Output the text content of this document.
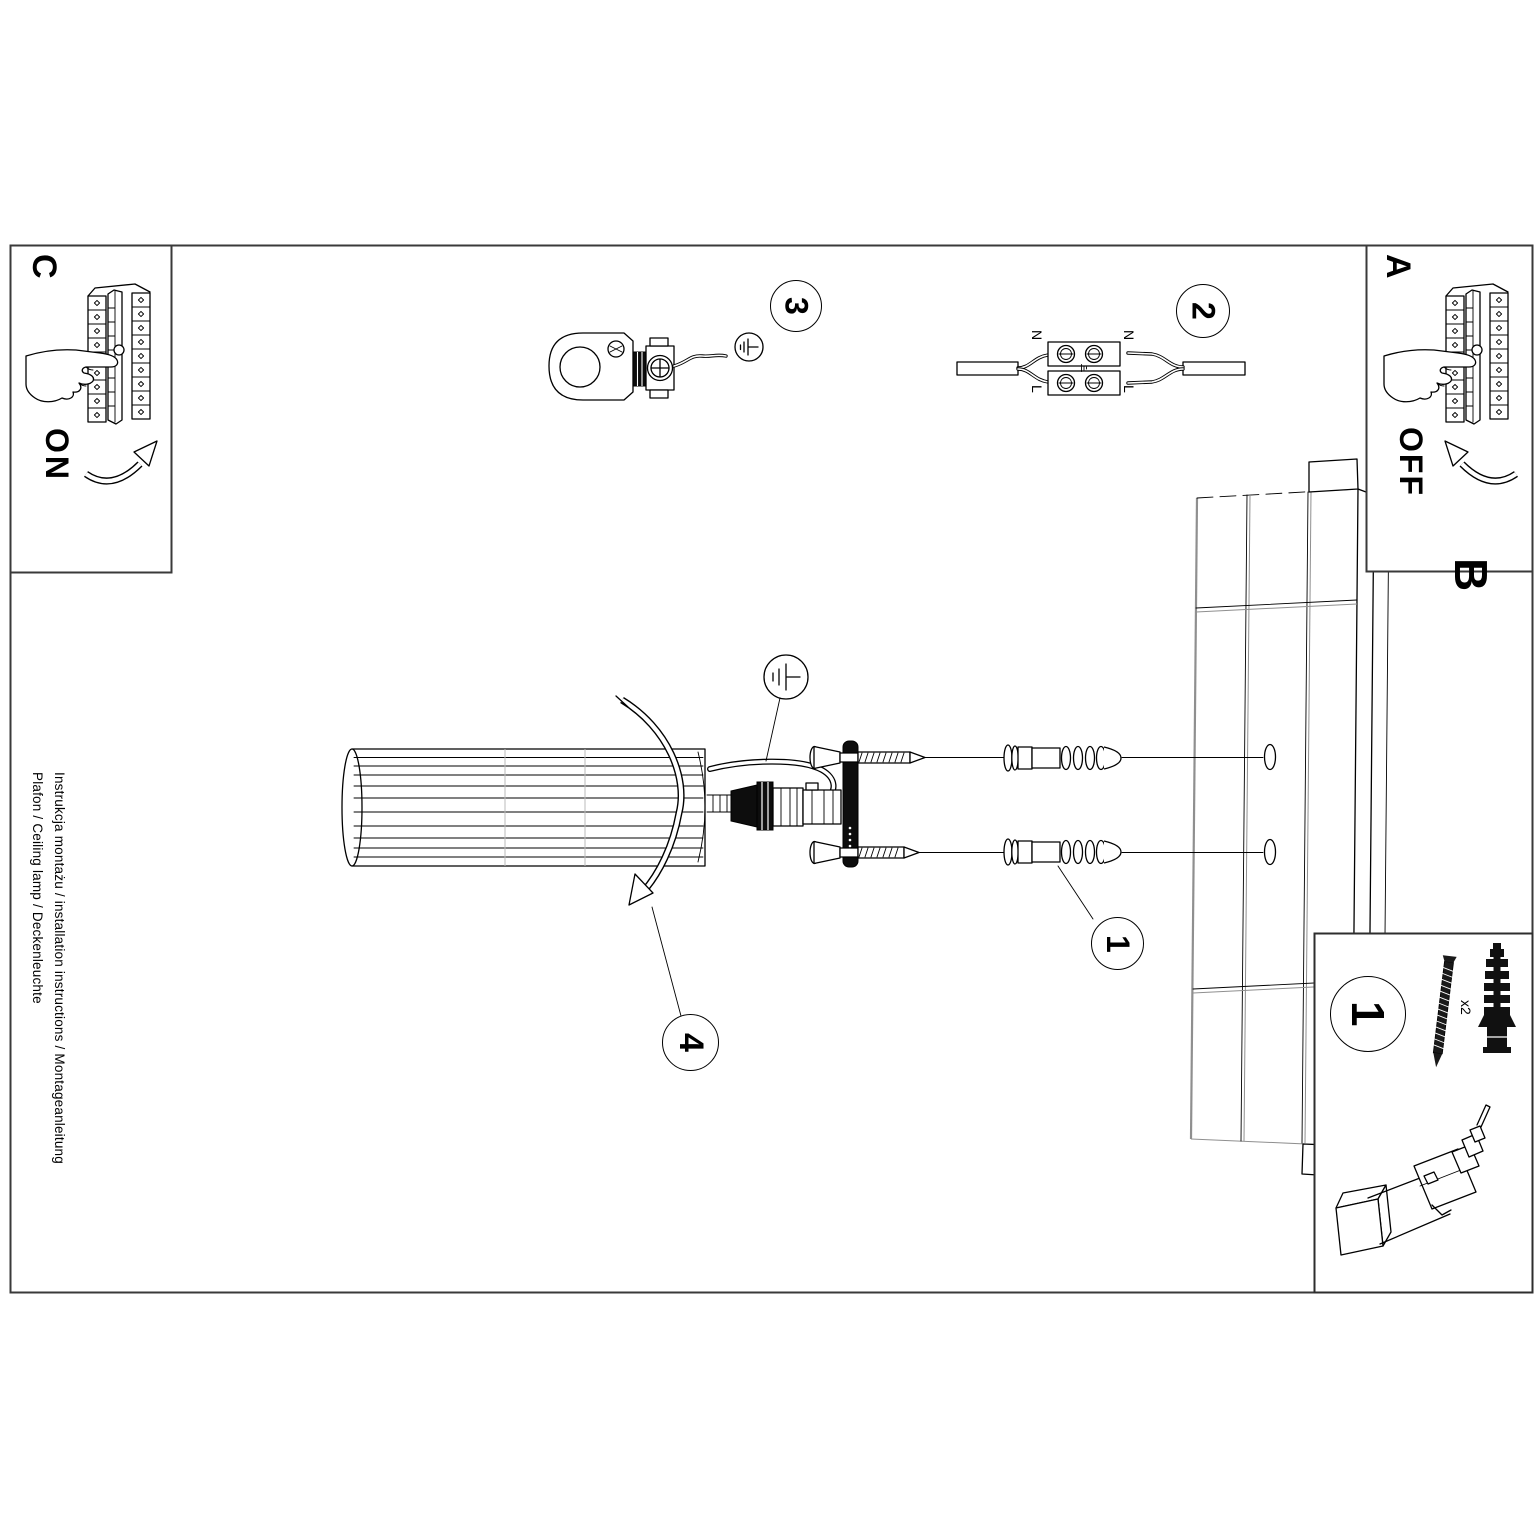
C
ON
A
OFF
B
N	N
L	L
x2
3	2
4
1
1
Instrukcja montażu / installation instructions / Montageanleitung
Plafon / Ceiling lamp / Deckenleuchte
